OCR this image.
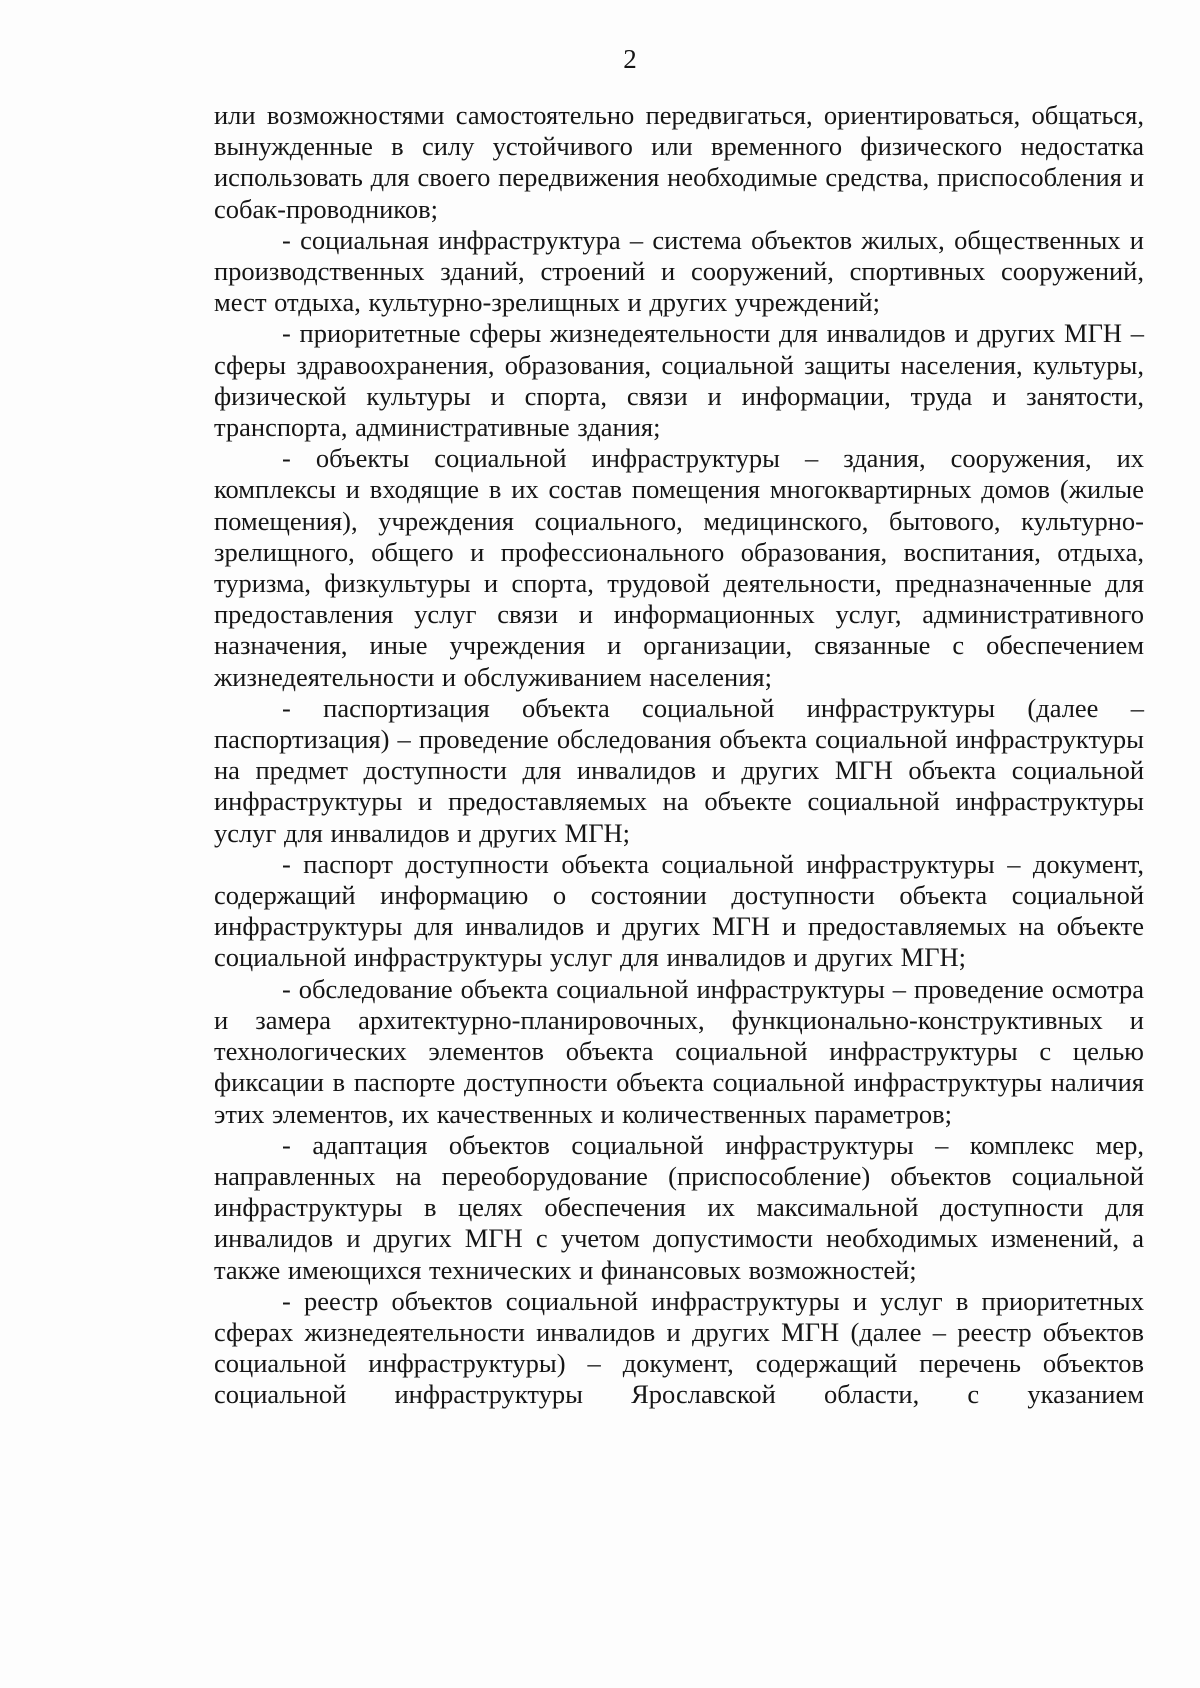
2

или возможностями самостоятельно передвигаться, ориентироваться, общаться, вынужденные в силу устойчивого или временного физического недостатка использовать для своего передвижения необходимые средства, приспособления и собак-проводников;

- социальная инфраструктура – система объектов жилых, общественных и производственных зданий, строений и сооружений, спортивных сооружений, мест отдыха, культурно-зрелищных и других учреждений;

- приоритетные сферы жизнедеятельности для инвалидов и других МГН – сферы здравоохранения, образования, социальной защиты населения, культуры, физической культуры и спорта, связи и информации, труда и занятости, транспорта, административные здания;

- объекты социальной инфраструктуры – здания, сооружения, их комплексы и входящие в их состав помещения многоквартирных домов (жилые помещения), учреждения социального, медицинского, бытового, культурно-зрелищного, общего и профессионального образования, воспитания, отдыха, туризма, физкультуры и спорта, трудовой деятельности, предназначенные для предоставления услуг связи и информационных услуг, административного назначения, иные учреждения и организации, связанные с обеспечением жизнедеятельности и обслуживанием населения;

- паспортизация объекта социальной инфраструктуры (далее – паспортизация) – проведение обследования объекта социальной инфраструктуры на предмет доступности для инвалидов и других МГН объекта социальной инфраструктуры и предоставляемых на объекте социальной инфраструктуры услуг для инвалидов и других МГН;

- паспорт доступности объекта социальной инфраструктуры – документ, содержащий информацию о состоянии доступности объекта социальной инфраструктуры для инвалидов и других МГН и предоставляемых на объекте социальной инфраструктуры услуг для инвалидов и других МГН;

- обследование объекта социальной инфраструктуры – проведение осмотра и замера архитектурно-планировочных, функционально-конструктивных и технологических элементов объекта социальной инфраструктуры с целью фиксации в паспорте доступности объекта социальной инфраструктуры наличия этих элементов, их качественных и количественных параметров;

- адаптация объектов социальной инфраструктуры – комплекс мер, направленных на переоборудование (приспособление) объектов социальной инфраструктуры в целях обеспечения их максимальной доступности для инвалидов и других МГН с учетом допустимости необходимых изменений, а также имеющихся технических и финансовых возможностей;

- реестр объектов социальной инфраструктуры и услуг в приоритетных сферах жизнедеятельности инвалидов и других МГН (далее – реестр объектов социальной инфраструктуры) – документ, содержащий перечень объектов социальной инфраструктуры Ярославской области, с указанием
